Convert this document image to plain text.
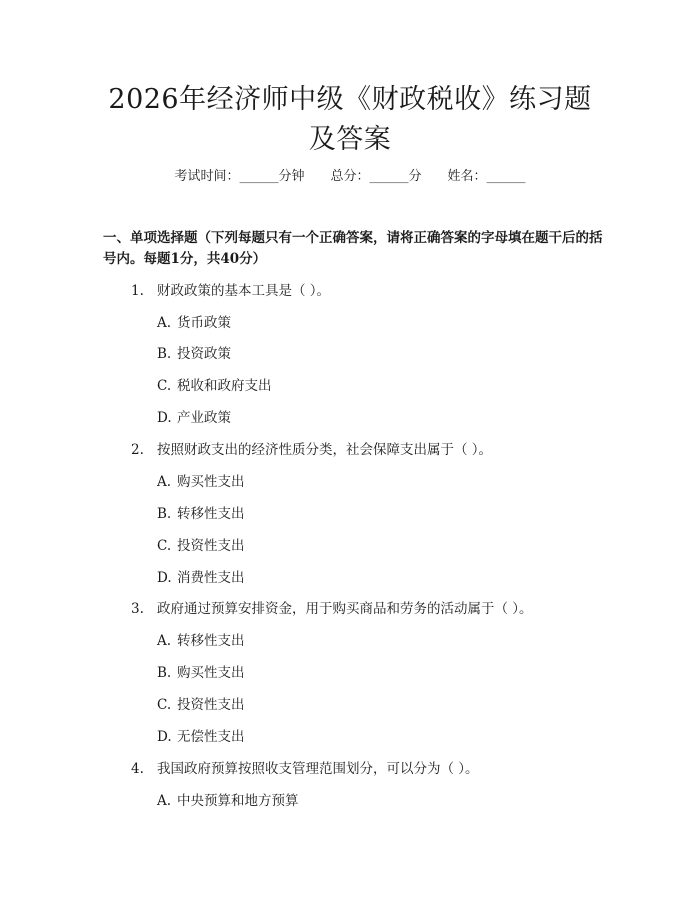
2026年经济师中级《财政税收》练习题及答案
考试时间：______分钟 总分：______分 姓名：______
一、单项选择题（下列每题只有一个正确答案，请将正确答案的字母填在题干后的括号内。每题1分，共40分）
1. 财政政策的基本工具是（ ）。
A. 货币政策
B. 投资政策
C. 税收和政府支出
D. 产业政策
2. 按照财政支出的经济性质分类，社会保障支出属于（ ）。
A. 购买性支出
B. 转移性支出
C. 投资性支出
D. 消费性支出
3. 政府通过预算安排资金，用于购买商品和劳务的活动属于（ ）。
A. 转移性支出
B. 购买性支出
C. 投资性支出
D. 无偿性支出
4. 我国政府预算按照收支管理范围划分，可以分为（ ）。
A. 中央预算和地方预算
